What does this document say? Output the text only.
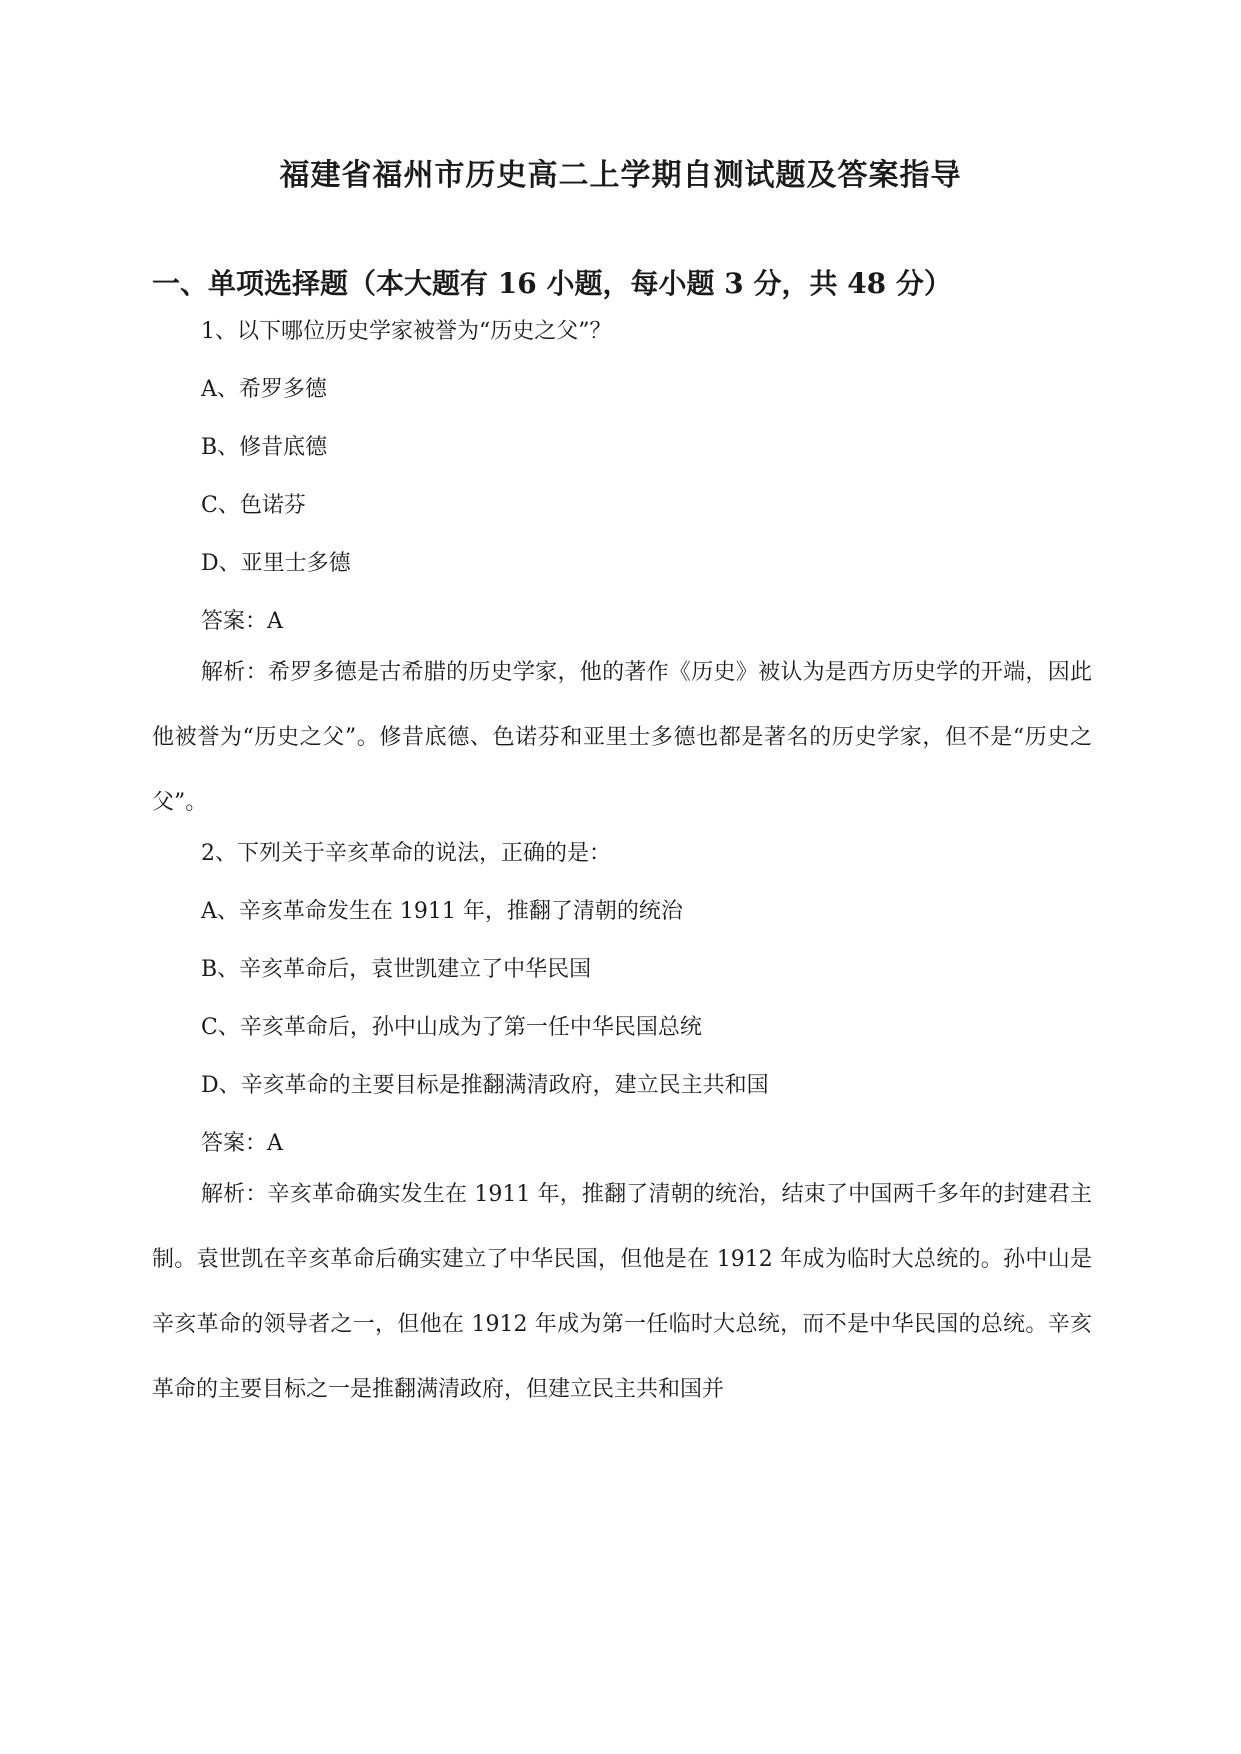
福建省福州市历史高二上学期自测试题及答案指导
一、单项选择题（本大题有 16 小题，每小题 3 分，共 48 分）
1、以下哪位历史学家被誉为“历史之父”？
A、希罗多德
B、修昔底德
C、色诺芬
D、亚里士多德
答案：A

解析：希罗多德是古希腊的历史学家，他的著作《历史》被认为是西方历史学的开端，因此他被誉为“历史之父”。修昔底德、色诺芬和亚里士多德也都是著名的历史学家，但不是“历史之父”。

2、下列关于辛亥革命的说法，正确的是：
A、辛亥革命发生在 1911 年，推翻了清朝的统治
B、辛亥革命后，袁世凯建立了中华民国
C、辛亥革命后，孙中山成为了第一任中华民国总统
D、辛亥革命的主要目标是推翻满清政府，建立民主共和国
答案：A

解析：辛亥革命确实发生在 1911 年，推翻了清朝的统治，结束了中国两千多年的封建君主制。袁世凯在辛亥革命后确实建立了中华民国，但他是在 1912 年成为临时大总统的。孙中山是辛亥革命的领导者之一，但他在 1912 年成为第一任临时大总统，而不是中华民国的总统。辛亥革命的主要目标之一是推翻满清政府，但建立民主共和国并
